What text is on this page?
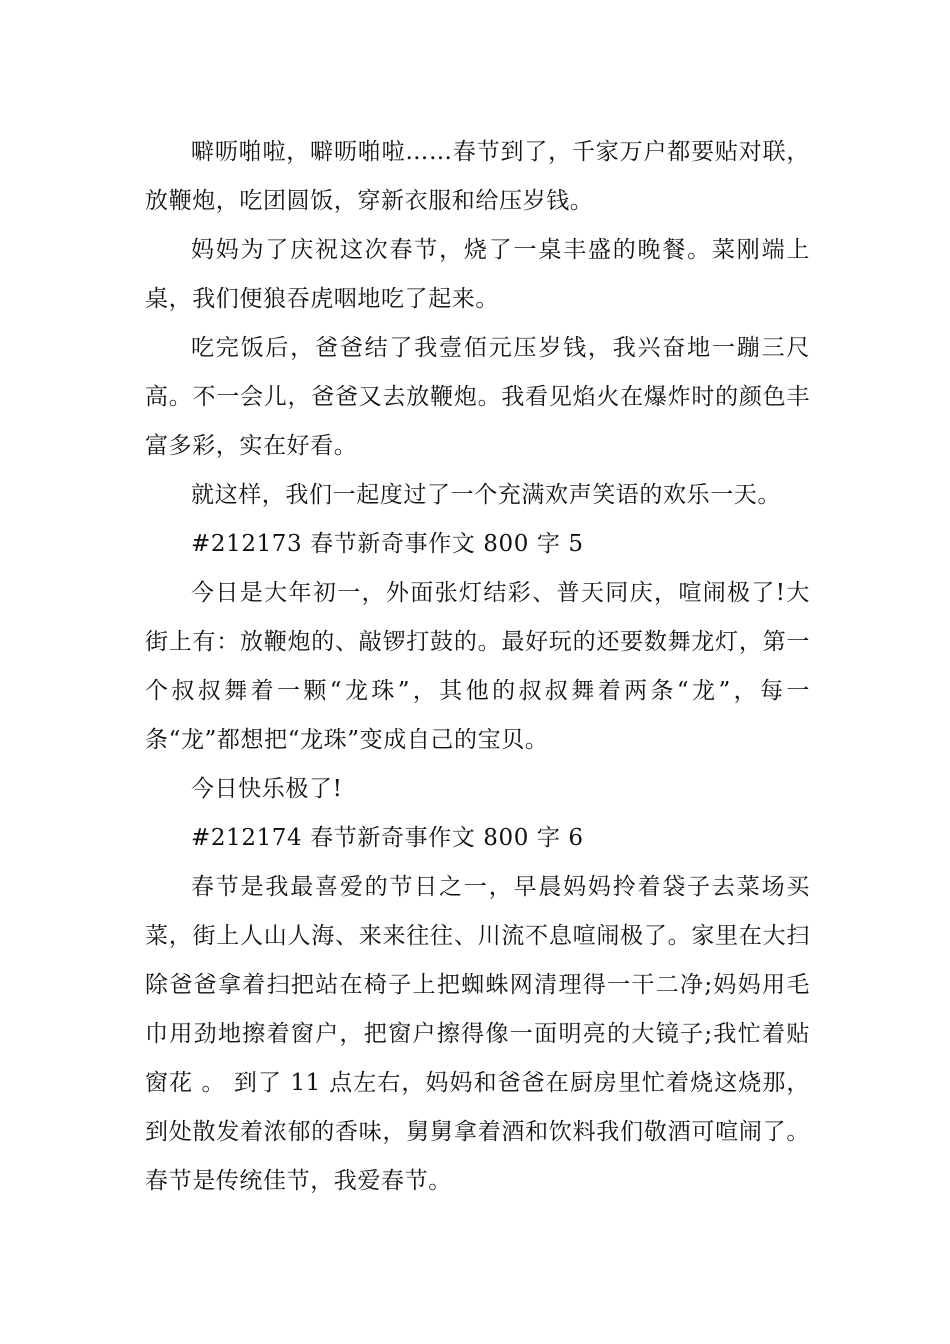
噼呖啪啦，噼呖啪啦……春节到了，千家万户都要贴对联，放鞭炮，吃团圆饭，穿新衣服和给压岁钱。

妈妈为了庆祝这次春节，烧了一桌丰盛的晚餐。菜刚端上桌，我们便狼吞虎咽地吃了起来。

吃完饭后，爸爸结了我壹佰元压岁钱，我兴奋地一蹦三尺高。不一会儿，爸爸又去放鞭炮。我看见焰火在爆炸时的颜色丰富多彩，实在好看。

就这样，我们一起度过了一个充满欢声笑语的欢乐一天。

#212173 春节新奇事作文 800 字 5

今日是大年初一，外面张灯结彩、普天同庆，喧闹极了!大街上有：放鞭炮的、敲锣打鼓的。最好玩的还要数舞龙灯，第一个叔叔舞着一颗“龙珠”，其他的叔叔舞着两条“龙”，每一条“龙”都想把“龙珠”变成自己的宝贝。

今日快乐极了!

#212174 春节新奇事作文 800 字 6

春节是我最喜爱的节日之一，早晨妈妈拎着袋子去菜场买菜，街上人山人海、来来往往、川流不息喧闹极了。家里在大扫除爸爸拿着扫把站在椅子上把蜘蛛网清理得一干二净;妈妈用毛巾用劲地擦着窗户，把窗户擦得像一面明亮的大镜子;我忙着贴窗花 。 到了 11 点左右，妈妈和爸爸在厨房里忙着烧这烧那，到处散发着浓郁的香味，舅舅拿着酒和饮料我们敬酒可喧闹了。 春节是传统佳节，我爱春节。
